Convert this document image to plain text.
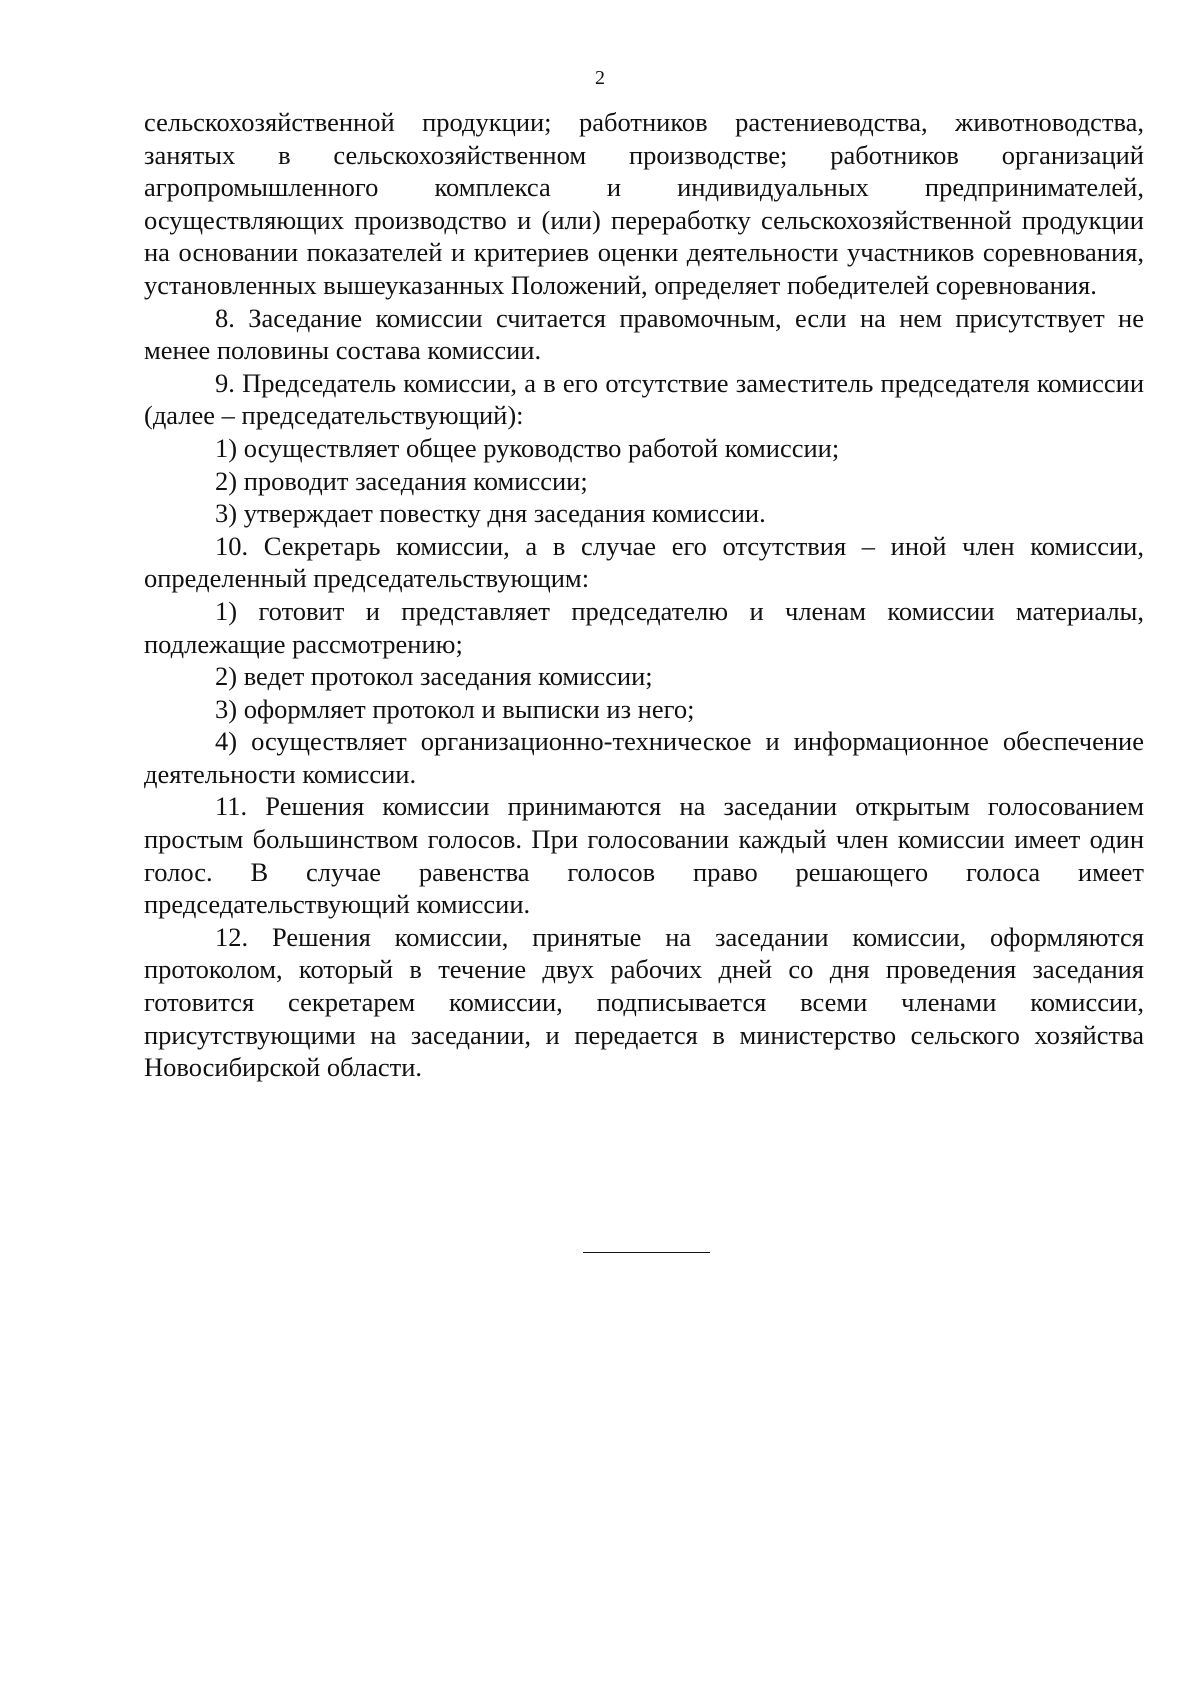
2

сельскохозяйственной продукции; работников растениеводства, животноводства, занятых в сельскохозяйственном производстве; работников организаций агропромышленного комплекса и индивидуальных предпринимателей, осуществляющих производство и (или) переработку сельскохозяйственной продукции на основании показателей и критериев оценки деятельности участников соревнования, установленных вышеуказанных Положений, определяет победителей соревнования.

8. Заседание комиссии считается правомочным, если на нем присутствует не менее половины состава комиссии.

9. Председатель комиссии, а в его отсутствие заместитель председателя комиссии (далее – председательствующий):

1) осуществляет общее руководство работой комиссии;

2) проводит заседания комиссии;

3) утверждает повестку дня заседания комиссии.

10. Секретарь комиссии, а в случае его отсутствия – иной член комиссии, определенный председательствующим:

1) готовит и представляет председателю и членам комиссии материалы, подлежащие рассмотрению;

2) ведет протокол заседания комиссии;

3) оформляет протокол и выписки из него;

4) осуществляет организационно-техническое и информационное обеспечение деятельности комиссии.

11. Решения комиссии принимаются на заседании открытым голосованием простым большинством голосов. При голосовании каждый член комиссии имеет один голос. В случае равенства голосов право решающего голоса имеет председательствующий комиссии.

12. Решения комиссии, принятые на заседании комиссии, оформляются протоколом, который в течение двух рабочих дней со дня проведения заседания готовится секретарем комиссии, подписывается всеми членами комиссии, присутствующими на заседании, и передается в министерство сельского хозяйства Новосибирской области.
